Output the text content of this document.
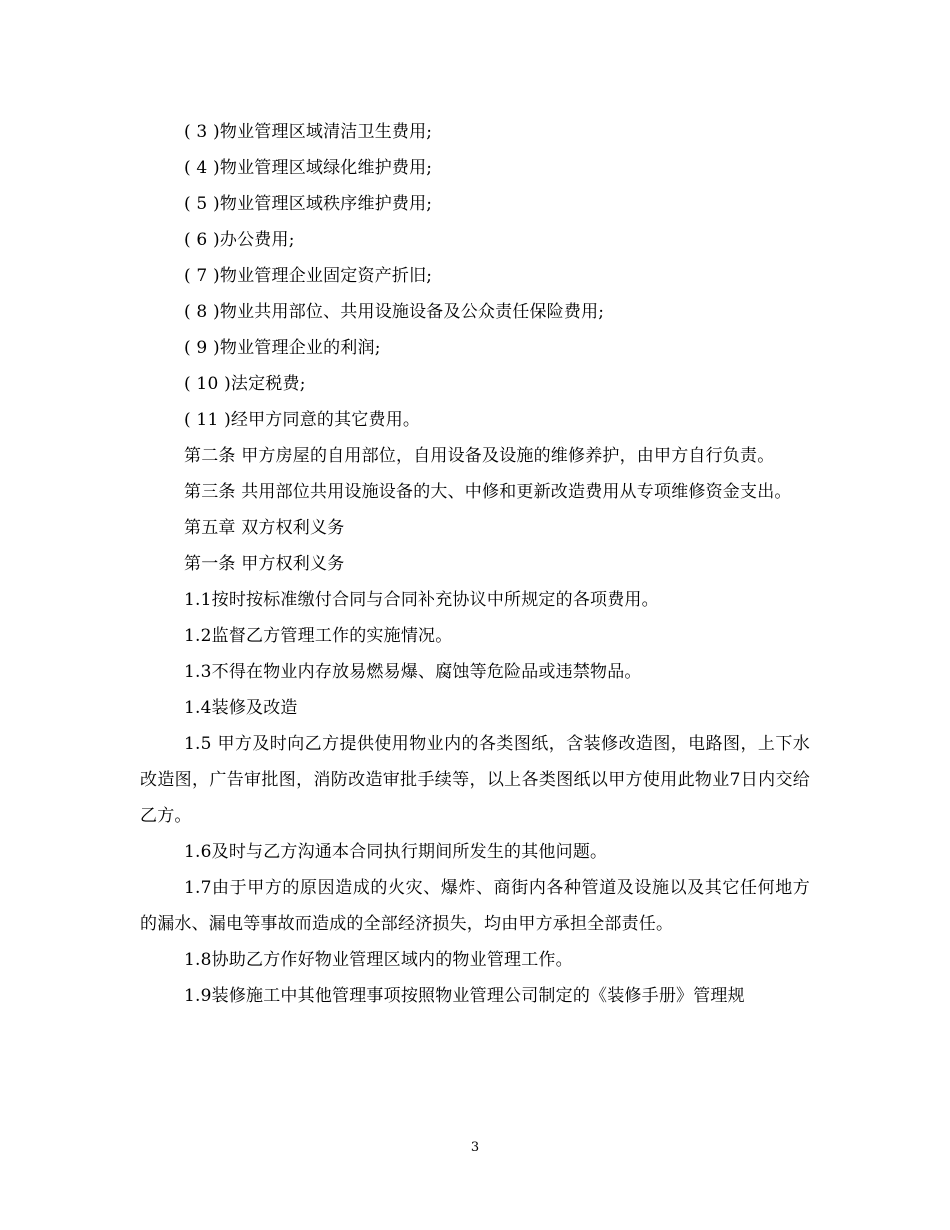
( 3 )物业管理区域清洁卫生费用;
( 4 )物业管理区域绿化维护费用;
( 5 )物业管理区域秩序维护费用;
( 6 )办公费用;
( 7 )物业管理企业固定资产折旧;
( 8 )物业共用部位、共用设施设备及公众责任保险费用;
( 9 )物业管理企业的利润;
( 10 )法定税费;
( 11 )经甲方同意的其它费用。
第二条 甲方房屋的自用部位，自用设备及设施的维修养护，由甲方自行负责。
第三条 共用部位共用设施设备的大、中修和更新改造费用从专项维修资金支出。
第五章 双方权利义务
第一条 甲方权利义务
1.1按时按标准缴付合同与合同补充协议中所规定的各项费用。
1.2监督乙方管理工作的实施情况。
1.3不得在物业内存放易燃易爆、腐蚀等危险品或违禁物品。
1.4装修及改造
1.5 甲方及时向乙方提供使用物业内的各类图纸，含装修改造图，电路图，上下水改造图，广告审批图，消防改造审批手续等，以上各类图纸以甲方使用此物业7日内交给乙方。
1.6及时与乙方沟通本合同执行期间所发生的其他问题。
1.7由于甲方的原因造成的火灾、爆炸、商街内各种管道及设施以及其它任何地方的漏水、漏电等事故而造成的全部经济损失，均由甲方承担全部责任。
1.8协助乙方作好物业管理区域内的物业管理工作。
1.9装修施工中其他管理事项按照物业管理公司制定的《装修手册》管理规
3
